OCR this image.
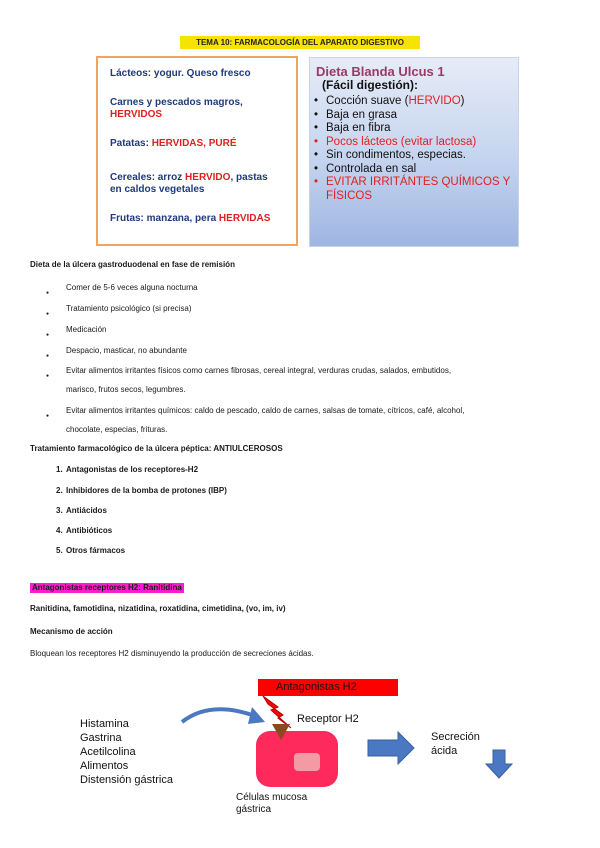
TEMA 10: FARMACOLOGÍA DEL APARATO DIGESTIVO
Lácteos: yogur. Queso fresco
Carnes y pescados magros,
HERVIDOS
Patatas: HERVIDAS, PURÉ
Cereales: arroz HERVIDO, pastas
en caldos vegetales
Frutas: manzana, pera HERVIDAS
Dieta Blanda Ulcus 1
(Fácil digestión):
• Cocción suave (HERVIDO)
• Baja en grasa
• Baja en fibra
• Pocos lácteos (evitar lactosa)
• Sin condimentos, especias.
• Controlada en sal
• EVITAR IRRITÁNTES QUÍMICOS Y FÍSICOS
Dieta de la úlcera gastroduodenal en fase de remisión
●
Comer de 5-6 veces alguna nocturna
●
Tratamiento psicológico (si precisa)
●
Medicación
●
Despacio, masticar, no abundante
●
Evitar alimentos irritantes físicos como carnes fibrosas, cereal integral, verduras crudas, salados, embutidos,
marisco, frutos secos, legumbres.
●
Evitar alimentos irritantes químicos: caldo de pescado, caldo de carnes, salsas de tomate, cítricos, café, alcohol,
chocolate, especias, frituras.
Tratamiento farmacológico de la úlcera péptica: ANTIULCEROSOS
1. Antagonistas de los receptores-H2
2. Inhibidores de la bomba de protones (IBP)
3. Antiácidos
4. Antibióticos
5. Otros fármacos
Antagonistas receptores H2: Ranitidina
Ranitidina, famotidina, nizatidina, roxatidina, cimetidina, (vo, im, iv)
Mecanismo de acción
Bloquean los receptores H2 disminuyendo la producción de secreciones ácidas.
Antagonistas H2
Receptor H2
Histamina
Gastrina
Acetilcolina
Alimentos
Distensión gástrica
Células mucosa
gástrica
Secreción
ácida
